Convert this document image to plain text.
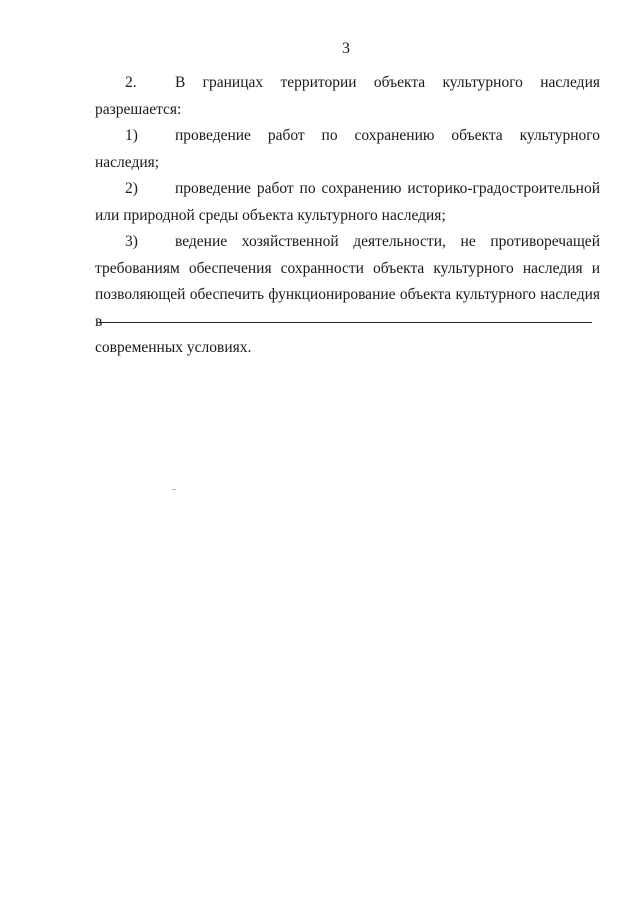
3
2. В границах территории объекта культурного наследия
разрешается:
1) проведение работ по сохранению объекта культурного наследия;
2) проведение работ по сохранению историко-градостроительной
или природной среды объекта культурного наследия;
3) ведение хозяйственной деятельности, не противоречащей
требованиям обеспечения сохранности объекта культурного наследия и
позволяющей обеспечить функционирование объекта культурного наследия в
современных условиях.
